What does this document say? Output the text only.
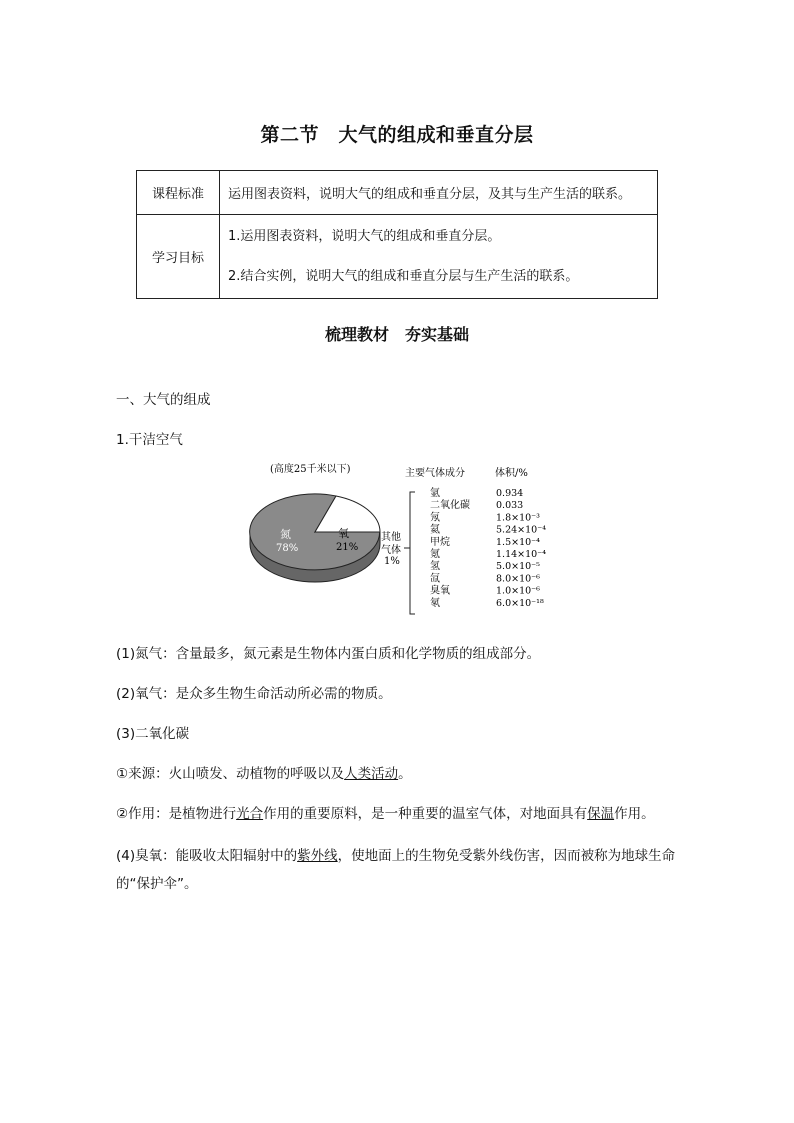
第二节　大气的组成和垂直分层
课程标准	运用图表资料，说明大气的组成和垂直分层，及其与生产生活的联系。
学习目标	1.运用图表资料，说明大气的组成和垂直分层。
2.结合实例，说明大气的组成和垂直分层与生产生活的联系。
梳理教材　夯实基础
一、大气的组成
1.干洁空气
(高度25千米以下)
氮
78%
氧
21%
其他
气体
1%
主要气体成分	体积/%
氩	0.934
二氧化碳	0.033
氖	1.8×10⁻³
氦	5.24×10⁻⁴
甲烷	1.5×10⁻⁴
氪	1.14×10⁻⁴
氢	5.0×10⁻⁵
氙	8.0×10⁻⁶
臭氧	1.0×10⁻⁶
氡	6.0×10⁻¹⁸
(1)氮气：含量最多，氮元素是生物体内蛋白质和化学物质的组成部分。
(2)氧气：是众多生物生命活动所必需的物质。
(3)二氧化碳
①来源：火山喷发、动植物的呼吸以及人类活动。
②作用：是植物进行光合作用的重要原料，是一种重要的温室气体，对地面具有保温作用。
(4)臭氧：能吸收太阳辐射中的紫外线，使地面上的生物免受紫外线伤害，因而被称为地球生命的“保护伞”。
